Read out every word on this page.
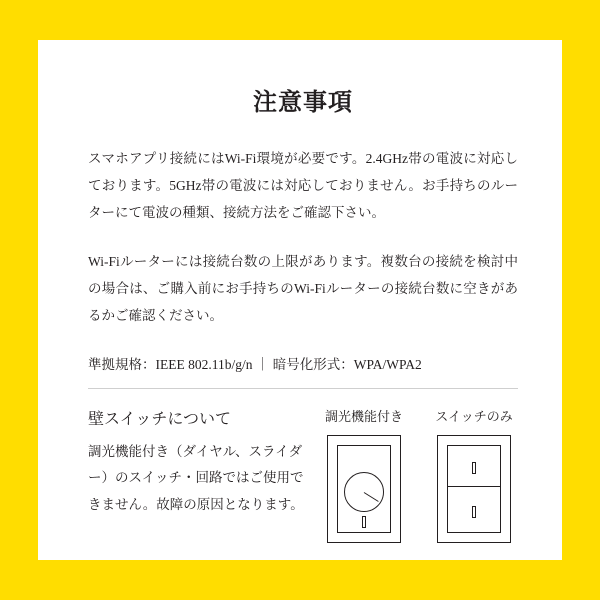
注意事項

スマホアプリ接続にはWi-Fi環境が必要です。2.4GHz帯の電波に対応しております。5GHz帯の電波には対応しておりません。お手持ちのルーターにて電波の種類、接続方法をご確認下さい。

Wi-Fiルーターには接続台数の上限があります。複数台の接続を検討中の場合は、ご購入前にお手持ちのWi-Fiルーターの接続台数に空きがあるかご確認ください。

準拠規格：IEEE 802.11b/g/n ｜ 暗号化形式：WPA/WPA2

壁スイッチについて

調光機能付き（ダイヤル、スライダー）のスイッチ・回路ではご使用できません。故障の原因となります。

調光機能付き	スイッチのみ
